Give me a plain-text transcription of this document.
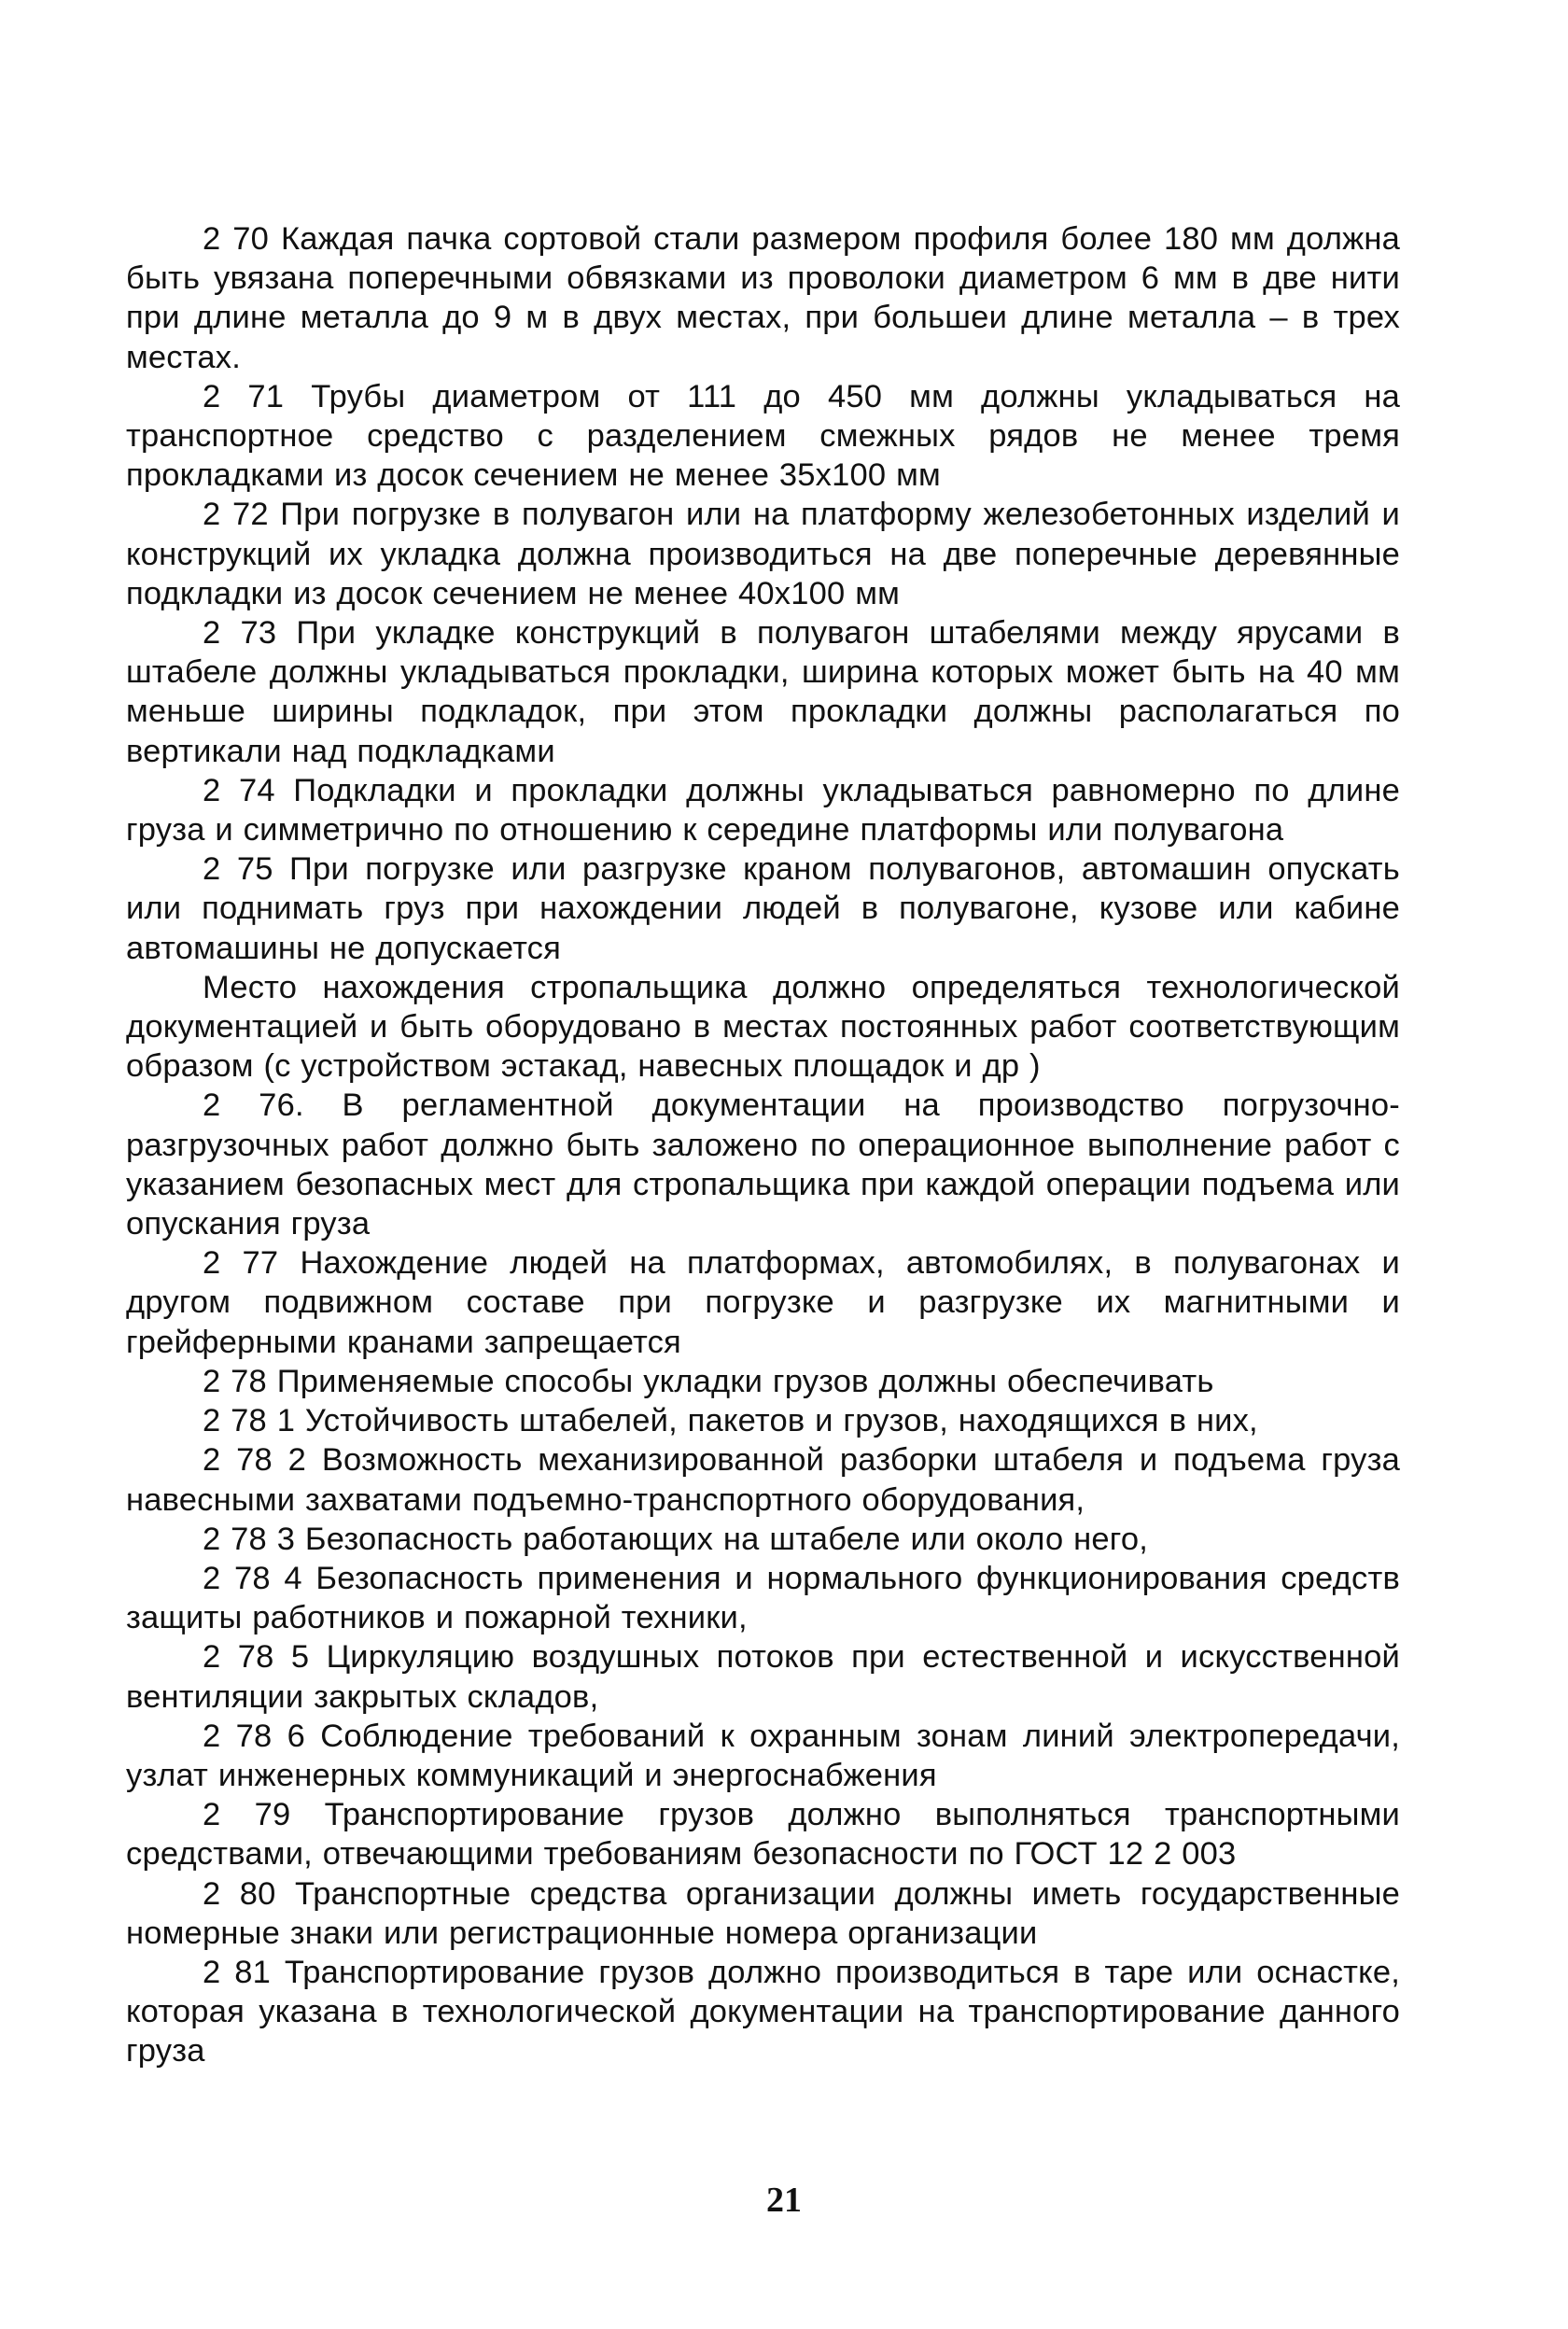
2 70 Каждая пачка сортовой стали размером профиля более 180 мм должна быть увязана поперечными обвязками из проволоки диаметром 6 мм в две нити при длине металла до 9 м в двух местах, при большеи длине металла – в трех местах.

2 71 Трубы диаметром от 111 до 450 мм должны укладываться на транспортное средство с разделением смежных рядов не менее тремя прокладками из досок сечением не менее 35х100 мм

2 72 При погрузке в полувагон или на платформу железобетонных изделий и конструкций их укладка должна производиться на две поперечные деревянные подкладки из досок сечением не менее 40х100 мм

2 73 При укладке конструкций в полувагон штабелями между ярусами в штабеле должны укладываться прокладки, ширина которых может быть на 40 мм меньше ширины подкладок, при этом прокладки должны располагаться по вертикали над подкладками

2 74 Подкладки и прокладки должны укладываться равномерно по длине груза и симметрично по отношению к середине платформы или полувагона

2 75 При погрузке или разгрузке краном полувагонов, автомашин опускать или поднимать груз при нахождении людей в полувагоне, кузове или кабине автомашины не допускается

Место нахождения стропальщика должно определяться технологической документацией и быть оборудовано в местах постоянных работ соответствующим образом (с устройством эстакад, навесных площадок и др )

2 76. В регламентной документации на производство погрузочно-разгрузочных работ должно быть заложено по операционное выполнение работ с указанием безопасных мест для стропальщика при каждой операции подъема или опускания груза

2 77 Нахождение людей на платформах, автомобилях, в полувагонах и другом подвижном составе при погрузке и разгрузке их магнитными и грейферными кранами запрещается

2 78 Применяемые способы укладки грузов должны обеспечивать

2 78 1 Устойчивость штабелей, пакетов и грузов, находящихся в них,

2 78 2 Возможность механизированной разборки штабеля и подъема груза навесными захватами подъемно-транспортного оборудования,

2 78 3 Безопасность работающих на штабеле или около него,

2 78 4 Безопасность применения и нормального функционирования средств защиты работников и пожарной техники,

2 78 5 Циркуляцию воздушных потоков при естественной и искусственной вентиляции закрытых складов,

2 78 6 Соблюдение требований к охранным зонам линий электропередачи, узлат инженерных коммуникаций и энергоснабжения

2 79 Транспортирование грузов должно выполняться транспортными средствами, отвечающими требованиям безопасности по ГОСТ 12 2 003

2 80 Транспортные средства организации должны иметь государственные номерные знаки или регистрационные номера организации

2 81 Транспортирование грузов должно производиться в таре или оснастке, которая указана в технологической документации на транспортирование данного груза

21
